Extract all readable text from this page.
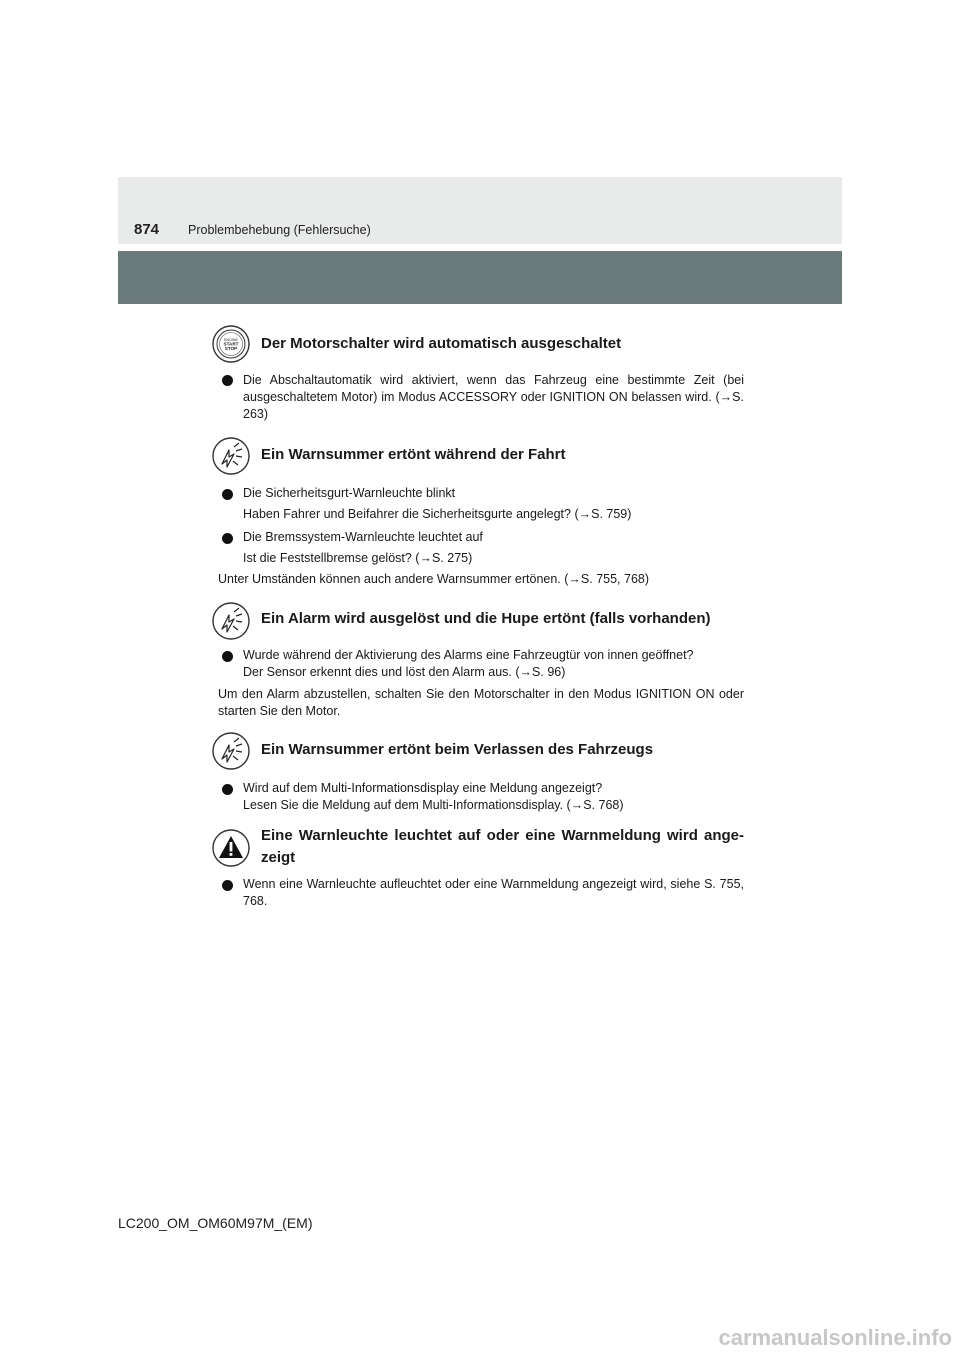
874 Problembehebung (Fehlersuche)
ENGINE
START
STOP Der Motorschalter wird automatisch ausgeschaltet
Die Abschaltautomatik wird aktiviert, wenn das Fahrzeug eine bestimmte Zeit (bei ausgeschaltetem Motor) im Modus ACCESSORY oder IGNITION ON belassen wird. (→S. 263)
Ein Warnsummer ertönt während der Fahrt
Die Sicherheitsgurt-Warnleuchte blinkt
Haben Fahrer und Beifahrer die Sicherheitsgurte angelegt? (→S. 759)
Die Bremssystem-Warnleuchte leuchtet auf
Ist die Feststellbremse gelöst? (→S. 275)
Unter Umständen können auch andere Warnsummer ertönen. (→S. 755, 768)
Ein Alarm wird ausgelöst und die Hupe ertönt (falls vorhanden)
Wurde während der Aktivierung des Alarms eine Fahrzeugtür von innen geöffnet?
Der Sensor erkennt dies und löst den Alarm aus. (→S. 96)
Um den Alarm abzustellen, schalten Sie den Motorschalter in den Modus IGNITION ON oder starten Sie den Motor.
Ein Warnsummer ertönt beim Verlassen des Fahrzeugs
Wird auf dem Multi-Informationsdisplay eine Meldung angezeigt?
Lesen Sie die Meldung auf dem Multi-Informationsdisplay. (→S. 768)
Eine Warnleuchte leuchtet auf oder eine Warnmeldung wird ange-zeigt
Wenn eine Warnleuchte aufleuchtet oder eine Warnmeldung angezeigt wird, siehe S. 755, 768.
LC200_OM_OM60M97M_(EM)
carmanualsonline.info
